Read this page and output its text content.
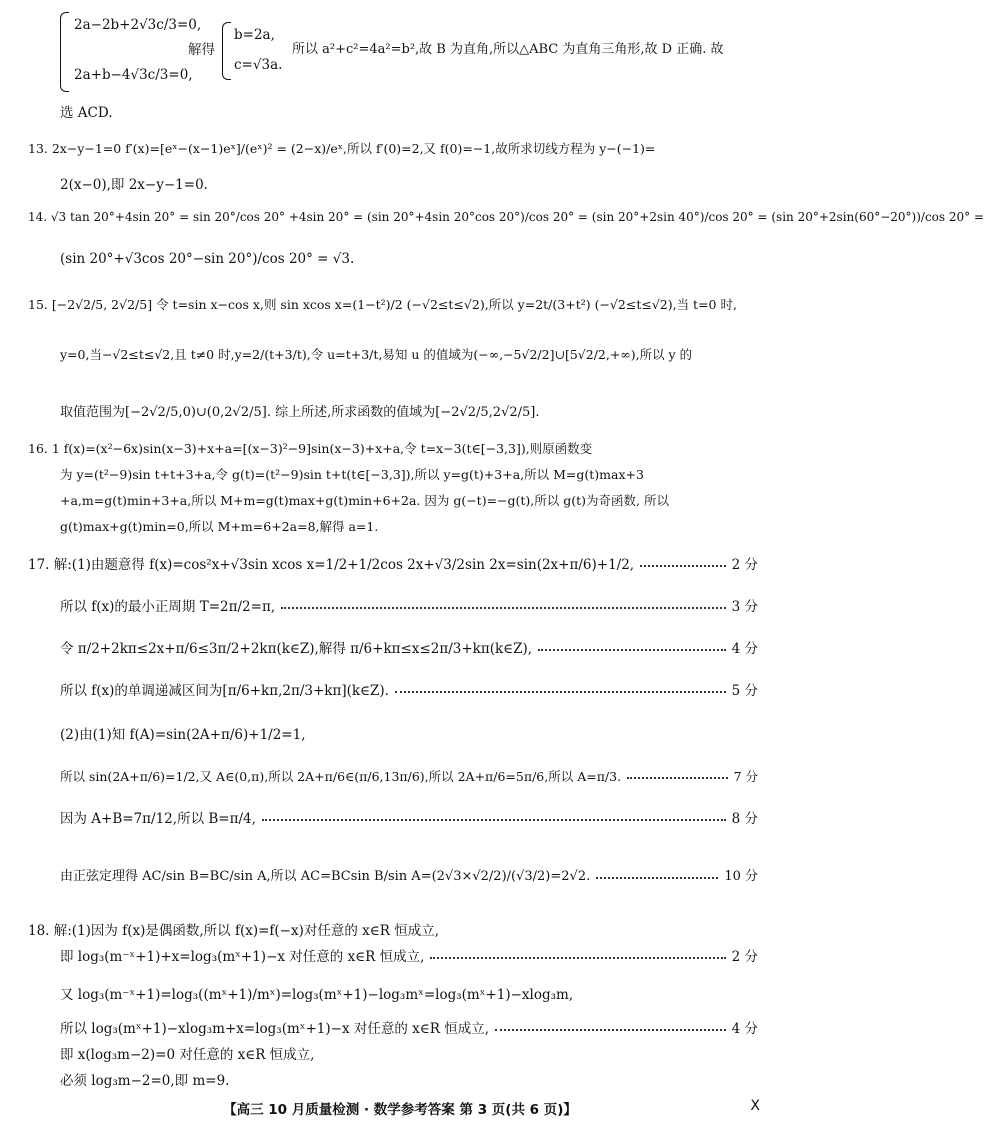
2a−2b+2√3c/3=0,
2a+b−4√3c/3=0,
解得
b=2a,
c=√3a.
所以 a²+c²=4a²=b²,故 B 为直角,所以△ABC 为直角三角形,故 D 正确. 故
选 ACD.
13. 2x−y−1=0 f′(x)=[eˣ−(x−1)eˣ]/(eˣ)² = (2−x)/eˣ,所以 f′(0)=2,又 f(0)=−1,故所求切线方程为 y−(−1)=
2(x−0),即 2x−y−1=0.
14. √3 tan 20°+4sin 20° = sin 20°/cos 20° +4sin 20° = (sin 20°+4sin 20°cos 20°)/cos 20° = (sin 20°+2sin 40°)/cos 20° = (sin 20°+2sin(60°−20°))/cos 20° =
(sin 20°+√3cos 20°−sin 20°)/cos 20° = √3.
15. [−2√2/5, 2√2/5] 令 t=sin x−cos x,则 sin xcos x=(1−t²)/2 (−√2≤t≤√2),所以 y=2t/(3+t²) (−√2≤t≤√2),当 t=0 时,
y=0,当−√2≤t≤√2,且 t≠0 时,y=2/(t+3/t),令 u=t+3/t,易知 u 的值域为(−∞,−5√2/2]∪[5√2/2,+∞),所以 y 的
取值范围为[−2√2/5,0)∪(0,2√2/5]. 综上所述,所求函数的值域为[−2√2/5,2√2/5].
16. 1 f(x)=(x²−6x)sin(x−3)+x+a=[(x−3)²−9]sin(x−3)+x+a,令 t=x−3(t∈[−3,3]),则原函数变
为 y=(t²−9)sin t+t+3+a,令 g(t)=(t²−9)sin t+t(t∈[−3,3]),所以 y=g(t)+3+a,所以 M=g(t)max+3
+a,m=g(t)min+3+a,所以 M+m=g(t)max+g(t)min+6+2a. 因为 g(−t)=−g(t),所以 g(t)为奇函数, 所以
g(t)max+g(t)min=0,所以 M+m=6+2a=8,解得 a=1.
17. 解:(1)由题意得 f(x)=cos²x+√3sin xcos x=1/2+1/2cos 2x+√3/2sin 2x=sin(2x+π/6)+1/2,	2 分
所以 f(x)的最小正周期 T=2π/2=π,	3 分
令 π/2+2kπ≤2x+π/6≤3π/2+2kπ(k∈Z),解得 π/6+kπ≤x≤2π/3+kπ(k∈Z),	4 分
所以 f(x)的单调递减区间为[π/6+kπ,2π/3+kπ](k∈Z).	5 分
(2)由(1)知 f(A)=sin(2A+π/6)+1/2=1,
所以 sin(2A+π/6)=1/2,又 A∈(0,π),所以 2A+π/6∈(π/6,13π/6),所以 2A+π/6=5π/6,所以 A=π/3.	7 分
因为 A+B=7π/12,所以 B=π/4,	8 分
由正弦定理得 AC/sin B=BC/sin A,所以 AC=BCsin B/sin A=(2√3×√2/2)/(√3/2)=2√2.	10 分
18. 解:(1)因为 f(x)是偶函数,所以 f(x)=f(−x)对任意的 x∈R 恒成立,
即 log₃(m⁻ˣ+1)+x=log₃(mˣ+1)−x 对任意的 x∈R 恒成立,	2 分
又 log₃(m⁻ˣ+1)=log₃((mˣ+1)/mˣ)=log₃(mˣ+1)−log₃mˣ=log₃(mˣ+1)−xlog₃m,
所以 log₃(mˣ+1)−xlog₃m+x=log₃(mˣ+1)−x 对任意的 x∈R 恒成立,	4 分
即 x(log₃m−2)=0 对任意的 x∈R 恒成立,
必须 log₃m−2=0,即 m=9.
【高三 10 月质量检测 · 数学参考答案 第 3 页(共 6 页)】	X
